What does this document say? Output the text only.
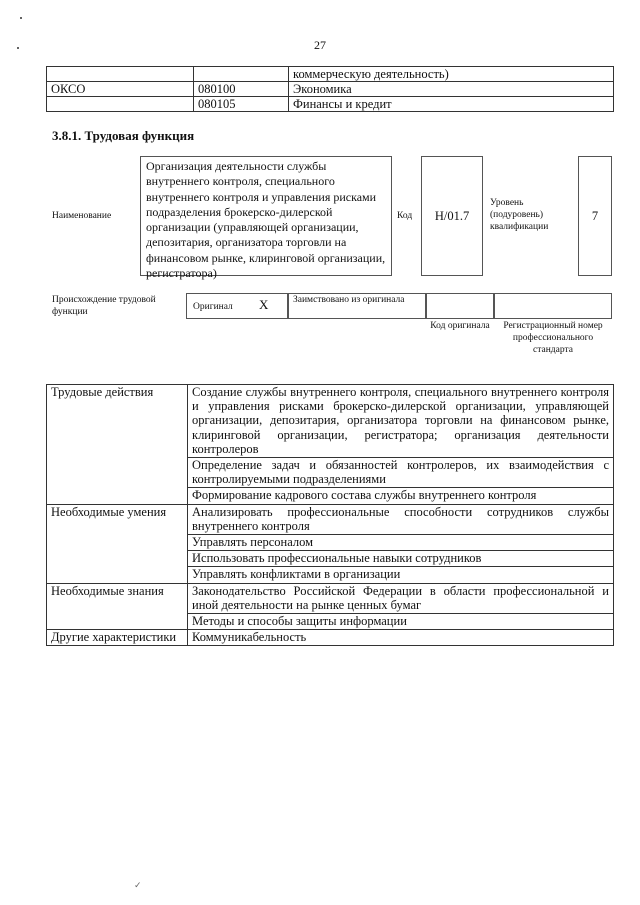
27
		коммерческую деятельность)
ОКСО	080100	Экономика
	080105	Финансы и кредит
3.8.1. Трудовая функция
Наименование
Организация деятельности службы внутреннего контроля, специального внутреннего контроля и управления рисками подразделения брокерско-дилерской организации (управляющей организации, депозитария, организатора торговли на финансовом рынке, клиринговой организации, регистратора)
Код	Н/01.7
Уровень (подуровень) квалификации
7
Происхождение трудовой функции	Оригинал X	Заимствовано из оригинала
Код оригинала	Регистрационный номер профессионального стандарта
Трудовые действия	Создание службы внутреннего контроля, специального внутреннего контроля и управления рисками брокерско-дилерской организации, управляющей организации, депозитария, организатора торговли на финансовом рынке, клиринговой организации, регистратора; организация деятельности контролеров
	Определение задач и обязанностей контролеров, их взаимодействия с контролируемыми подразделениями
	Формирование кадрового состава службы внутреннего контроля
Необходимые умения	Анализировать профессиональные способности сотрудников службы внутреннего контроля
	Управлять персоналом
	Использовать профессиональные навыки сотрудников
	Управлять конфликтами в организации
Необходимые знания	Законодательство Российской Федерации в области профессиональной и иной деятельности на рынке ценных бумаг
	Методы и способы защиты информации
Другие характеристики	Коммуникабельность
✓
